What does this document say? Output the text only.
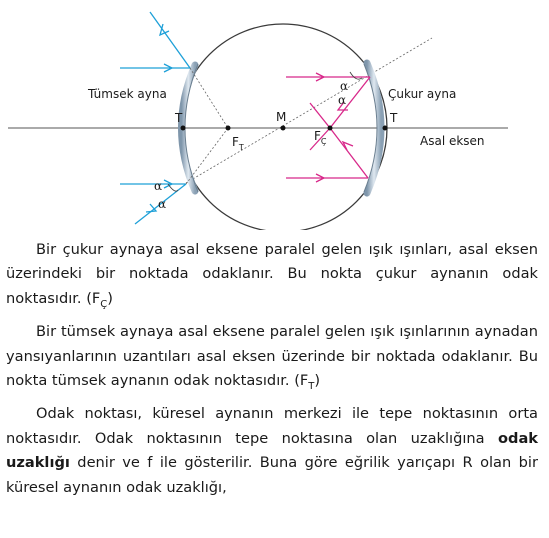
Tümsek ayna	Çukur ayna
Asal eksen
T	T
M
$F_T$
$F_Ç$
α
α
α
α

Bir çukur aynaya asal eksene paralel gelen ışık ışınları, asal eksen üzerindeki bir noktada odaklanır. Bu nokta çukur aynanın odak noktasıdır. $(F_Ç)$

Bir tümsek aynaya asal eksene paralel gelen ışık ışınlarının aynadan yansıyanlarının uzantıları asal eksen üzerinde bir noktada odaklanır. Bu nokta tümsek aynanın odak noktasıdır. $(F_T)$

Odak noktası, küresel aynanın merkezi ile tepe noktasının orta noktasıdır. Odak noktasının tepe noktasına olan uzaklığına odak uzaklığı denir ve f ile gösterilir. Buna göre eğrilik yarıçapı R olan bir küresel aynanın odak uzaklığı,
